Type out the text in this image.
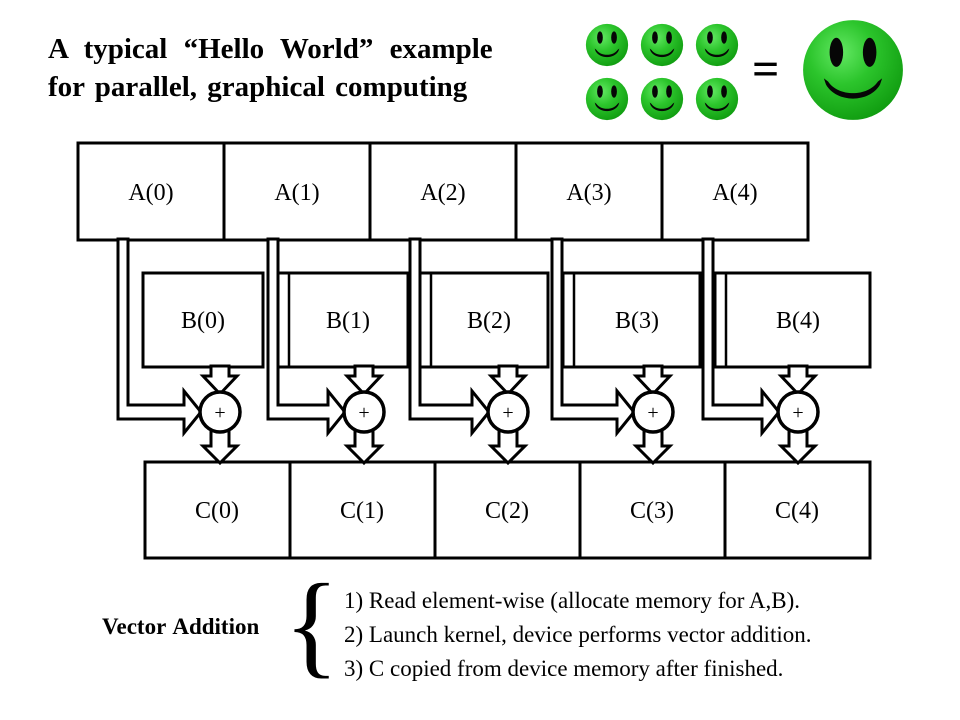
A typical “Hello World” example
for parallel, graphical computing	=
A(0)	A(1)	A(2)	A(3)	A(4)
B(0)	B(1)	B(2)	B(3)	B(4)
C(0)	C(1)	C(2)	C(3)	C(4)
+	+	+	+	+
Vector Addition { 1) Read element-wise (allocate memory for A,B).
2) Launch kernel, device performs vector addition.
3) C copied from device memory after finished.
